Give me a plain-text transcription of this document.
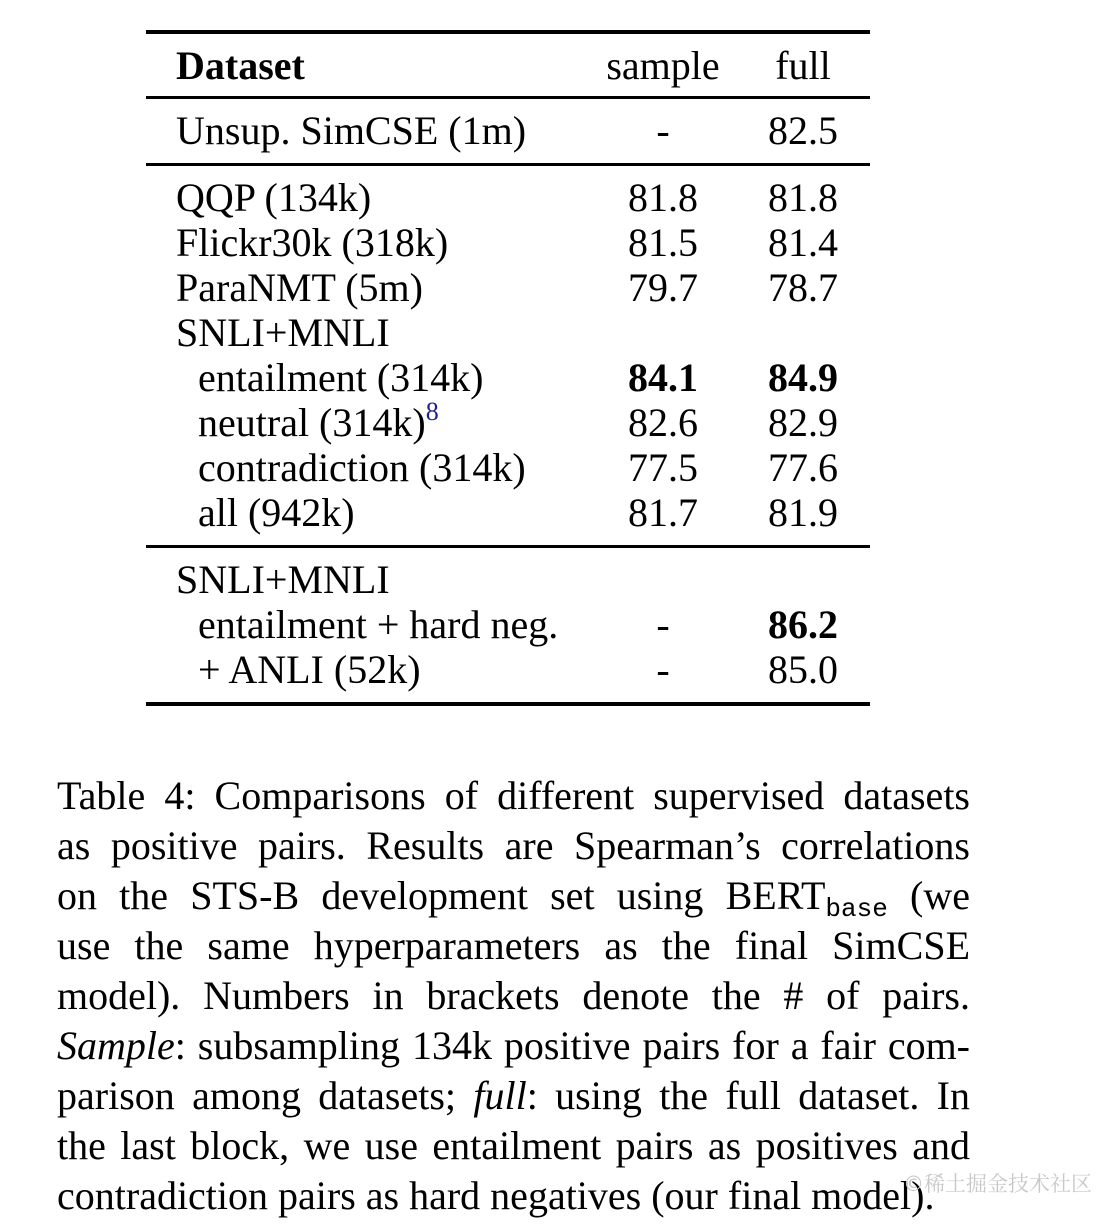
Dataset	sample	full
Unsup. SimCSE (1m)	-	82.5
QQP (134k)	81.8	81.8
Flickr30k (318k)	81.5	81.4
ParaNMT (5m)	79.7	78.7
SNLI+MNLI
entailment (314k)	84.1	84.9
neutral (314k)$^8$	82.6	82.9
contradiction (314k)	77.5	77.6
all (942k)	81.7	81.9
SNLI+MNLI
entailment + hard neg.	-	86.2
+ ANLI (52k)	-	85.0
Table 4: Comparisons of different supervised datasets
as positive pairs. Results are Spearman’s correlations
on the STS-B development set using $BERT_{base}$ (we
use the same hyperparameters as the final SimCSE
model). Numbers in brackets denote the # of pairs.
Sample: subsampling 134k positive pairs for a fair com-
parison among datasets; full: using the full dataset. In
the last block, we use entailment pairs as positives and
contradiction pairs as hard negatives (our final model).
©稀土掘金技术社区
